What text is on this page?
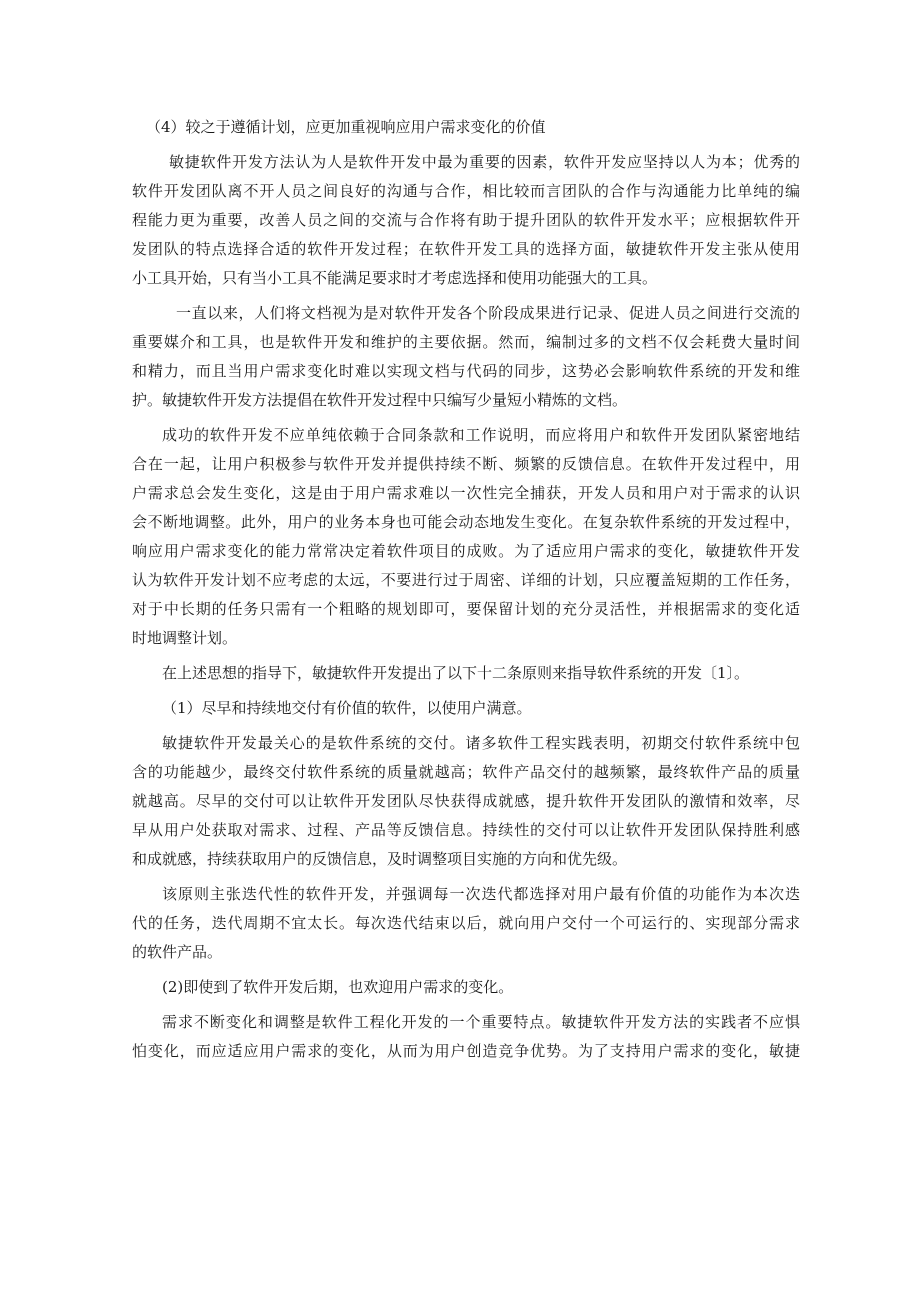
（4）较之于遵循计划，应更加重视响应用户需求变化的价值
敏捷软件开发方法认为人是软件开发中最为重要的因素，软件开发应坚持以人为本；优秀的
软件开发团队离不开人员之间良好的沟通与合作，相比较而言团队的合作与沟通能力比单纯的编
程能力更为重要，改善人员之间的交流与合作将有助于提升团队的软件开发水平；应根据软件开
发团队的特点选择合适的软件开发过程；在软件开发工具的选择方面，敏捷软件开发主张从使用
小工具开始，只有当小工具不能满足要求时才考虑选择和使用功能强大的工具。
一直以来，人们将文档视为是对软件开发各个阶段成果进行记录、促进人员之间进行交流的
重要媒介和工具，也是软件开发和维护的主要依据。然而，编制过多的文档不仅会耗费大量时间
和精力，而且当用户需求变化时难以实现文档与代码的同步，这势必会影响软件系统的开发和维
护。敏捷软件开发方法提倡在软件开发过程中只编写少量短小精炼的文档。
成功的软件开发不应单纯依赖于合同条款和工作说明，而应将用户和软件开发团队紧密地结
合在一起，让用户积极参与软件开发并提供持续不断、频繁的反馈信息。在软件开发过程中，用
户需求总会发生变化，这是由于用户需求难以一次性完全捕获，开发人员和用户对于需求的认识
会不断地调整。此外，用户的业务本身也可能会动态地发生变化。在复杂软件系统的开发过程中，
响应用户需求变化的能力常常决定着软件项目的成败。为了适应用户需求的变化，敏捷软件开发
认为软件开发计划不应考虑的太远，不要进行过于周密、详细的计划，只应覆盖短期的工作任务，
对于中长期的任务只需有一个粗略的规划即可，要保留计划的充分灵活性，并根据需求的变化适
时地调整计划。
在上述思想的指导下，敏捷软件开发提出了以下十二条原则来指导软件系统的开发〔1〕。
（1）尽早和持续地交付有价值的软件，以使用户满意。
敏捷软件开发最关心的是软件系统的交付。诸多软件工程实践表明，初期交付软件系统中包
含的功能越少，最终交付软件系统的质量就越高；软件产品交付的越频繁，最终软件产品的质量
就越高。尽早的交付可以让软件开发团队尽快获得成就感，提升软件开发团队的激情和效率，尽
早从用户处获取对需求、过程、产品等反馈信息。持续性的交付可以让软件开发团队保持胜利感
和成就感，持续获取用户的反馈信息，及时调整项目实施的方向和优先级。
该原则主张迭代性的软件开发，并强调每一次迭代都选择对用户最有价值的功能作为本次迭
代的任务，迭代周期不宜太长。每次迭代结束以后，就向用户交付一个可运行的、实现部分需求
的软件产品。
(2)即使到了软件开发后期，也欢迎用户需求的变化。
需求不断变化和调整是软件工程化开发的一个重要特点。敏捷软件开发方法的实践者不应惧
怕变化，而应适应用户需求的变化，从而为用户创造竞争优势。为了支持用户需求的变化，敏捷
